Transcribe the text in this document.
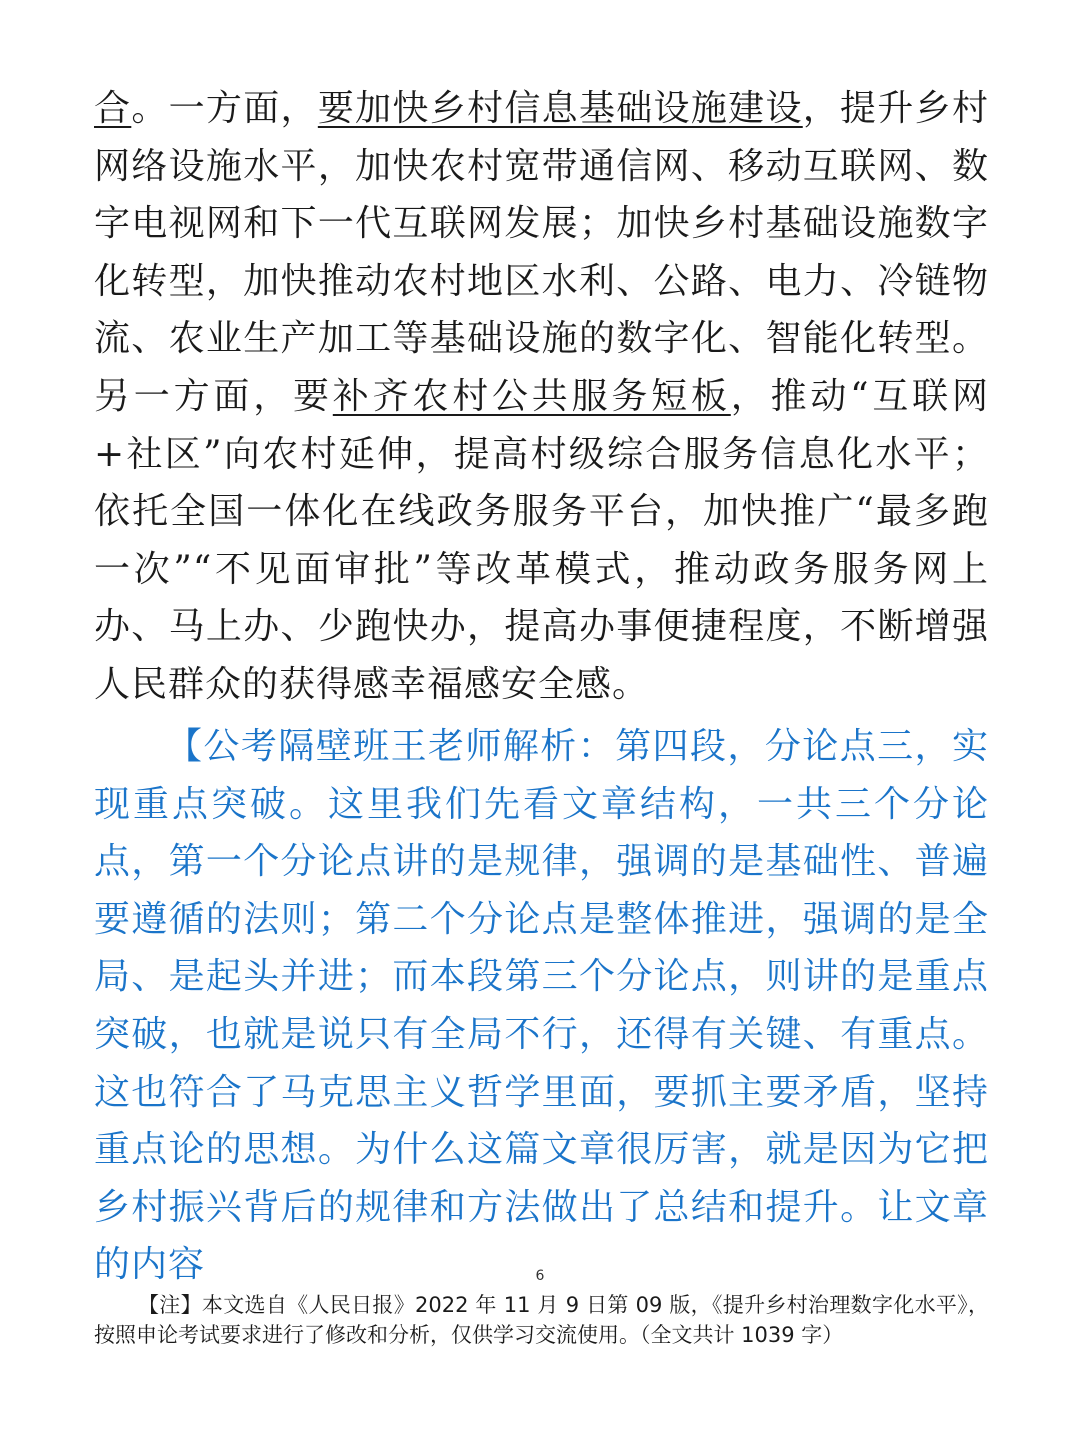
合。一方面，要加快乡村信息基础设施建设，提升乡村网络设施水平，加快农村宽带通信网、移动互联网、数字电视网和下一代互联网发展；加快乡村基础设施数字化转型，加快推动农村地区水利、公路、电力、冷链物流、农业生产加工等基础设施的数字化、智能化转型。另一方面，要补齐农村公共服务短板，推动“互联网+社区”向农村延伸，提高村级综合服务信息化水平；依托全国一体化在线政务服务平台，加快推广“最多跑一次”“不见面审批”等改革模式，推动政务服务网上办、马上办、少跑快办，提高办事便捷程度，不断增强人民群众的获得感幸福感安全感。

【公考隔壁班王老师解析：第四段，分论点三，实现重点突破。这里我们先看文章结构，一共三个分论点，第一个分论点讲的是规律，强调的是基础性、普遍要遵循的法则；第二个分论点是整体推进，强调的是全局、是起头并进；而本段第三个分论点，则讲的是重点突破，也就是说只有全局不行，还得有关键、有重点。这也符合了马克思主义哲学里面，要抓主要矛盾，坚持重点论的思想。为什么这篇文章很厉害，就是因为它把乡村振兴背后的规律和方法做出了总结和提升。让文章的内容	6

【注】本文选自《人民日报》2022 年 11 月 9 日第 09 版，《提升乡村治理数字化水平》，按照申论考试要求进行了修改和分析，仅供学习交流使用。（全文共计 1039 字）
